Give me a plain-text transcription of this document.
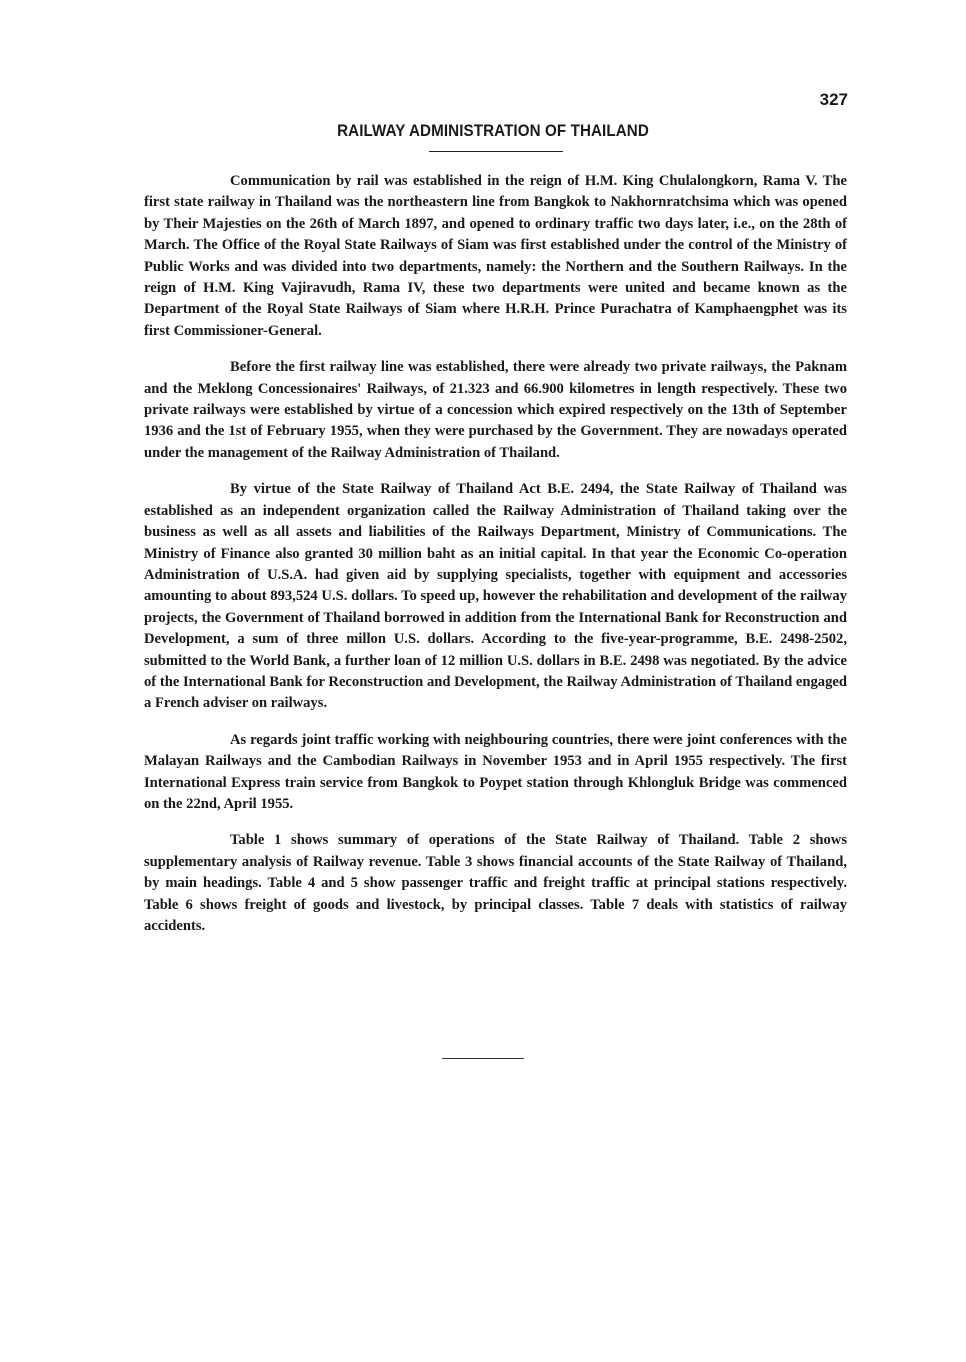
327
RAILWAY ADMINISTRATION OF THAILAND

Communication by rail was established in the reign of H.M. King Chulalongkorn, Rama V. The first state railway in Thailand was the northeastern line from Bangkok to Nakhornratchsima which was opened by Their Majesties on the 26th of March 1897, and opened to ordinary traffic two days later, i.e., on the 28th of March. The Office of the Royal State Railways of Siam was first established under the control of the Ministry of Public Works and was divided into two departments, namely: the Northern and the Southern Railways. In the reign of H.M. King Vajiravudh, Rama IV, these two departments were united and became known as the Department of the Royal State Railways of Siam where H.R.H. Prince Purachatra of Kamphaengphet was its first Commissioner-General.

Before the first railway line was established, there were already two private railways, the Paknam and the Meklong Concessionaires' Railways, of 21.323 and 66.900 kilometres in length respectively. These two private railways were established by virtue of a concession which expired respectively on the 13th of September 1936 and the 1st of February 1955, when they were purchased by the Government. They are nowadays operated under the management of the Railway Administration of Thailand.

By virtue of the State Railway of Thailand Act B.E. 2494, the State Railway of Thailand was established as an independent organization called the Railway Administration of Thailand taking over the business as well as all assets and liabilities of the Railways Department, Ministry of Communications. The Ministry of Finance also granted 30 million baht as an initial capital. In that year the Economic Co-operation Administration of U.S.A. had given aid by supplying specialists, together with equipment and accessories amounting to about 893,524 U.S. dollars. To speed up, however the rehabilitation and development of the railway projects, the Government of Thailand borrowed in addition from the International Bank for Reconstruction and Development, a sum of three millon U.S. dollars. According to the five-year-programme, B.E. 2498-2502, submitted to the World Bank, a further loan of 12 million U.S. dollars in B.E. 2498 was negotiated. By the advice of the International Bank for Reconstruction and Development, the Railway Administration of Thailand engaged a French adviser on railways.

As regards joint traffic working with neighbouring countries, there were joint conferences with the Malayan Railways and the Cambodian Railways in November 1953 and in April 1955 respectively. The first International Express train service from Bangkok to Poypet station through Khlongluk Bridge was commenced on the 22nd, April 1955.

Table 1 shows summary of operations of the State Railway of Thailand. Table 2 shows supplementary analysis of Railway revenue. Table 3 shows financial accounts of the State Railway of Thailand, by main headings. Table 4 and 5 show passenger traffic and freight traffic at principal stations respectively. Table 6 shows freight of goods and livestock, by principal classes. Table 7 deals with statistics of railway accidents.
